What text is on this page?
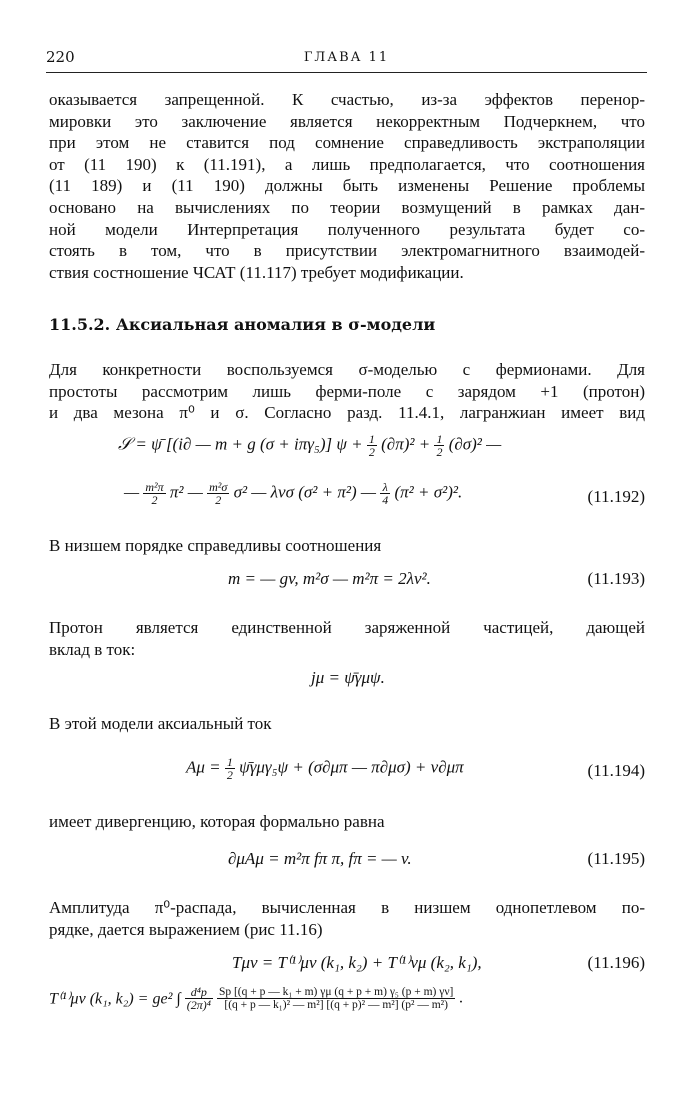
220	ГЛАВА 11
оказывается запрещенной. К счастью, из-за эффектов перенор-
мировки это заключение является некорректным Подчеркнем, что
при этом не ставится под сомнение справедливость экстраполяции
от (11 190) к (11.191), а лишь предполагается, что соотношения
(11 189) и (11 190) должны быть изменены Решение проблемы
основано на вычислениях по теории возмущений в рамках дан-
ной модели Интерпретация полученного результата будет со-
стоять в том, что в присутствии электромагнитного взаимодей-
ствия состношение ЧСАТ (11.117) требует модификации.
11.5.2. Аксиальная аномалия в σ-модели
Для конкретности воспользуемся σ-моделью с фермионами. Для
простоты рассмотрим лишь ферми-поле с зарядом +1 (протон)
и два мезона π⁰ и σ. Согласно разд. 11.4.1, лагранжиан имеет вид
𝒮 = ψ̄ [(i∂ — m + g (σ + iπγ₅)] $\psi + \frac{1}{2} (\partial\pi)^2 + \frac{1}{2} (\partial\sigma)^2$ —
— $\frac{\text{m²π}}{2} \pi^2$ — $\frac{\text{m²σ}}{2} \sigma^2$ — λvσ (σ² + π²) — $\frac{\lambda}{4} (\pi^2 + \sigma^2)^2$.	(11.192)
В низшем порядке справедливы соотношения
m = — gv, m²σ — m²π = 2λv².	(11.193)
Протон является единственной заряженной частицей, дающей
вклад в ток:
jμ = ψ̄γμψ.
В этой модели аксиальный ток
$A\mu = \frac{1}{2}$ ψ̄γμγ₅ψ + (σ∂μπ — π∂μσ) + v∂μπ	(11.194)
имеет дивергенцию, которая формально равна
∂μAμ = m²π fπ π, fπ = — v.	(11.195)
Амплитуда π⁰-распада, вычисленная в низшем однопетлевом по-
рядке, дается выражением (рис 11.16)
Tμν = T⁽¹⁾μν (k₁, k₂) + T⁽¹⁾νμ (k₂, k₁),	(11.196)
T⁽¹⁾μν (k₁, k₂) = ge² ∫ $\frac{\text{d⁴p}}{\text{(2π)⁴}}$
$\frac{\text{Sp [(q + p — k₁ + m) γμ (q + p + m) γ₅ (p + m) γν]}}{\text{[(q + p — k₁)² — m²] [(q + p)² — m²] (p² — m²)}}$ .
